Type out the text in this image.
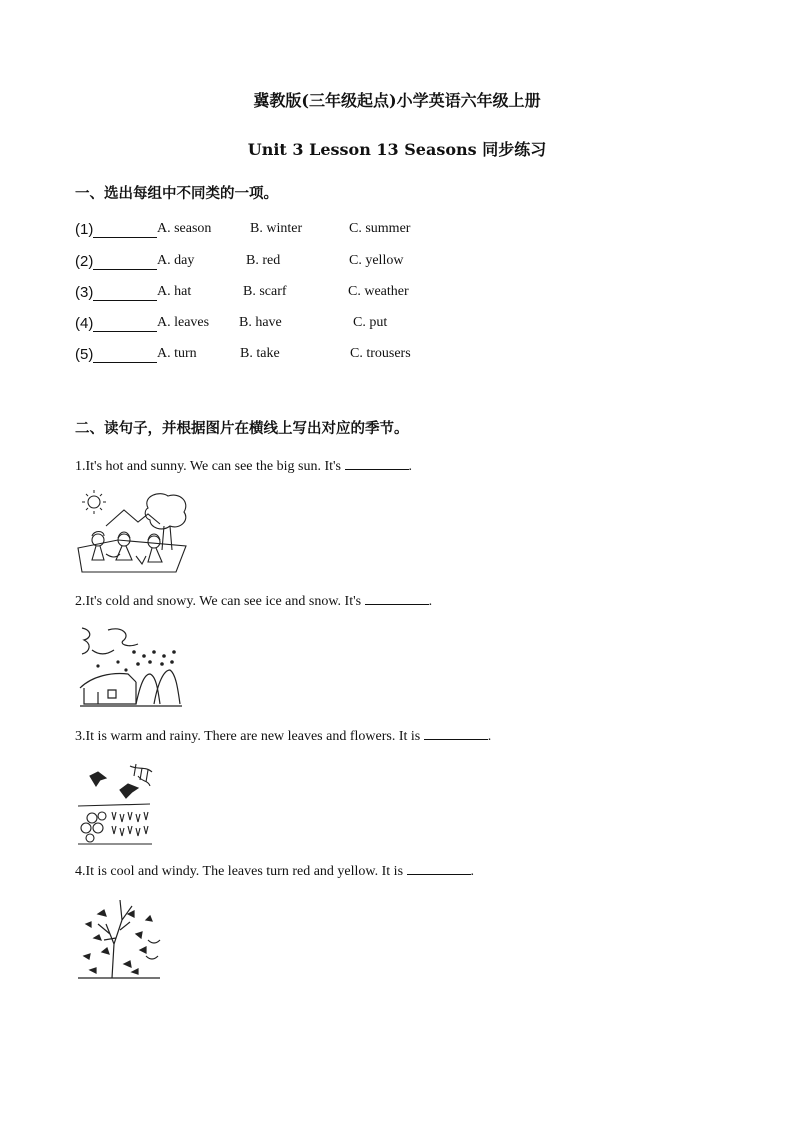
冀教版(三年级起点)小学英语六年级上册
Unit 3 Lesson 13 Seasons 同步练习
一、选出每组中不同类的一项。
(1)	A. season	B. winter	C. summer
(2)	A. day	B. red	C. yellow
(3)	A. hat	B. scarf	C. weather
(4)	A. leaves B. have	C. put
(5)	A. turn	B. take	C. trousers
二、读句子，并根据图片在横线上写出对应的季节。
1.It's hot and sunny. We can see the big sun. It's	.
2.It's cold and snowy. We can see ice and snow. It's	.
3.It is warm and rainy. There are new leaves and flowers. It is	.
4.It is cool and windy. The leaves turn red and yellow. It is	.
